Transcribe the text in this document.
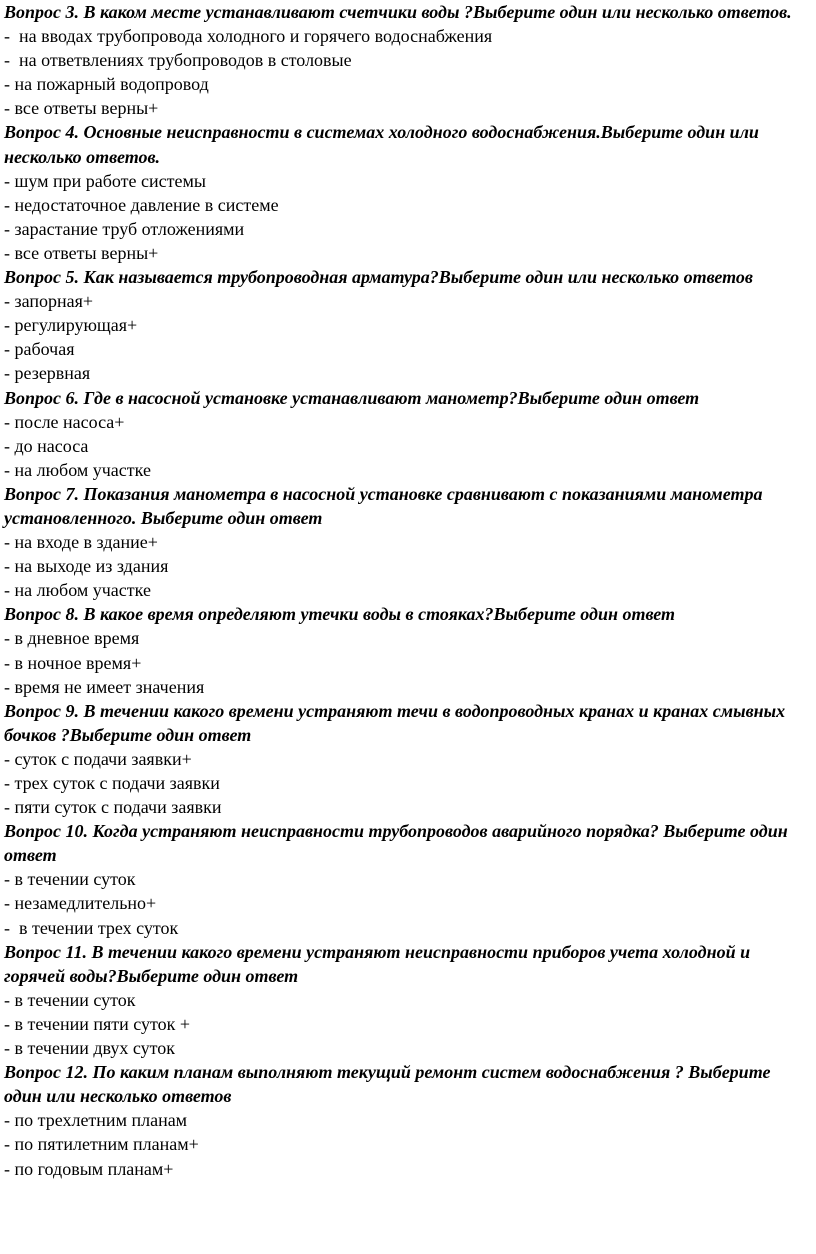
Вопрос 3. В каком месте устанавливают счетчики воды ?Выберите один или несколько ответов.

-  на вводах трубопровода холодного и горячего водоснабжения
-  на ответвлениях трубопроводов в столовые
- на пожарный водопровод
- все ответы верны+

Вопрос 4. Основные неисправности в системах холодного водоснабжения.Выберите один или несколько ответов.

- шум при работе системы
- недостаточное давление в системе
- зарастание труб отложениями
- все ответы верны+

Вопрос 5. Как называется трубопроводная арматура?Выберите один или несколько ответов

- запорная+
- регулирующая+
- рабочая
- резервная

Вопрос 6. Где в насосной установке устанавливают манометр?Выберите один ответ

- после насоса+
- до насоса
- на любом участке

Вопрос 7. Показания манометра в насосной установке сравнивают с показаниями манометра установленного. Выберите один ответ

- на входе в здание+
- на выходе из здания
- на любом участке

Вопрос 8. В какое время определяют утечки воды в стояках?Выберите один ответ

- в дневное время
- в ночное время+
- время не имеет значения

Вопрос 9. В течении какого времени устраняют течи в водопроводных кранах и кранах смывных бочков ?Выберите один ответ

- суток с подачи заявки+
- трех суток с подачи заявки
- пяти суток с подачи заявки

Вопрос 10. Когда устраняют неисправности трубопроводов аварийного порядка? Выберите один ответ

- в течении суток
- незамедлительно+
-  в течении трех суток

Вопрос 11. В течении какого времени устраняют неисправности приборов учета холодной и горячей воды?Выберите один ответ

- в течении суток
- в течении пяти суток +
- в течении двух суток

Вопрос 12. По каким планам выполняют текущий ремонт систем водоснабжения ? Выберите один или несколько ответов

- по трехлетним планам
- по пятилетним планам+
- по годовым планам+
